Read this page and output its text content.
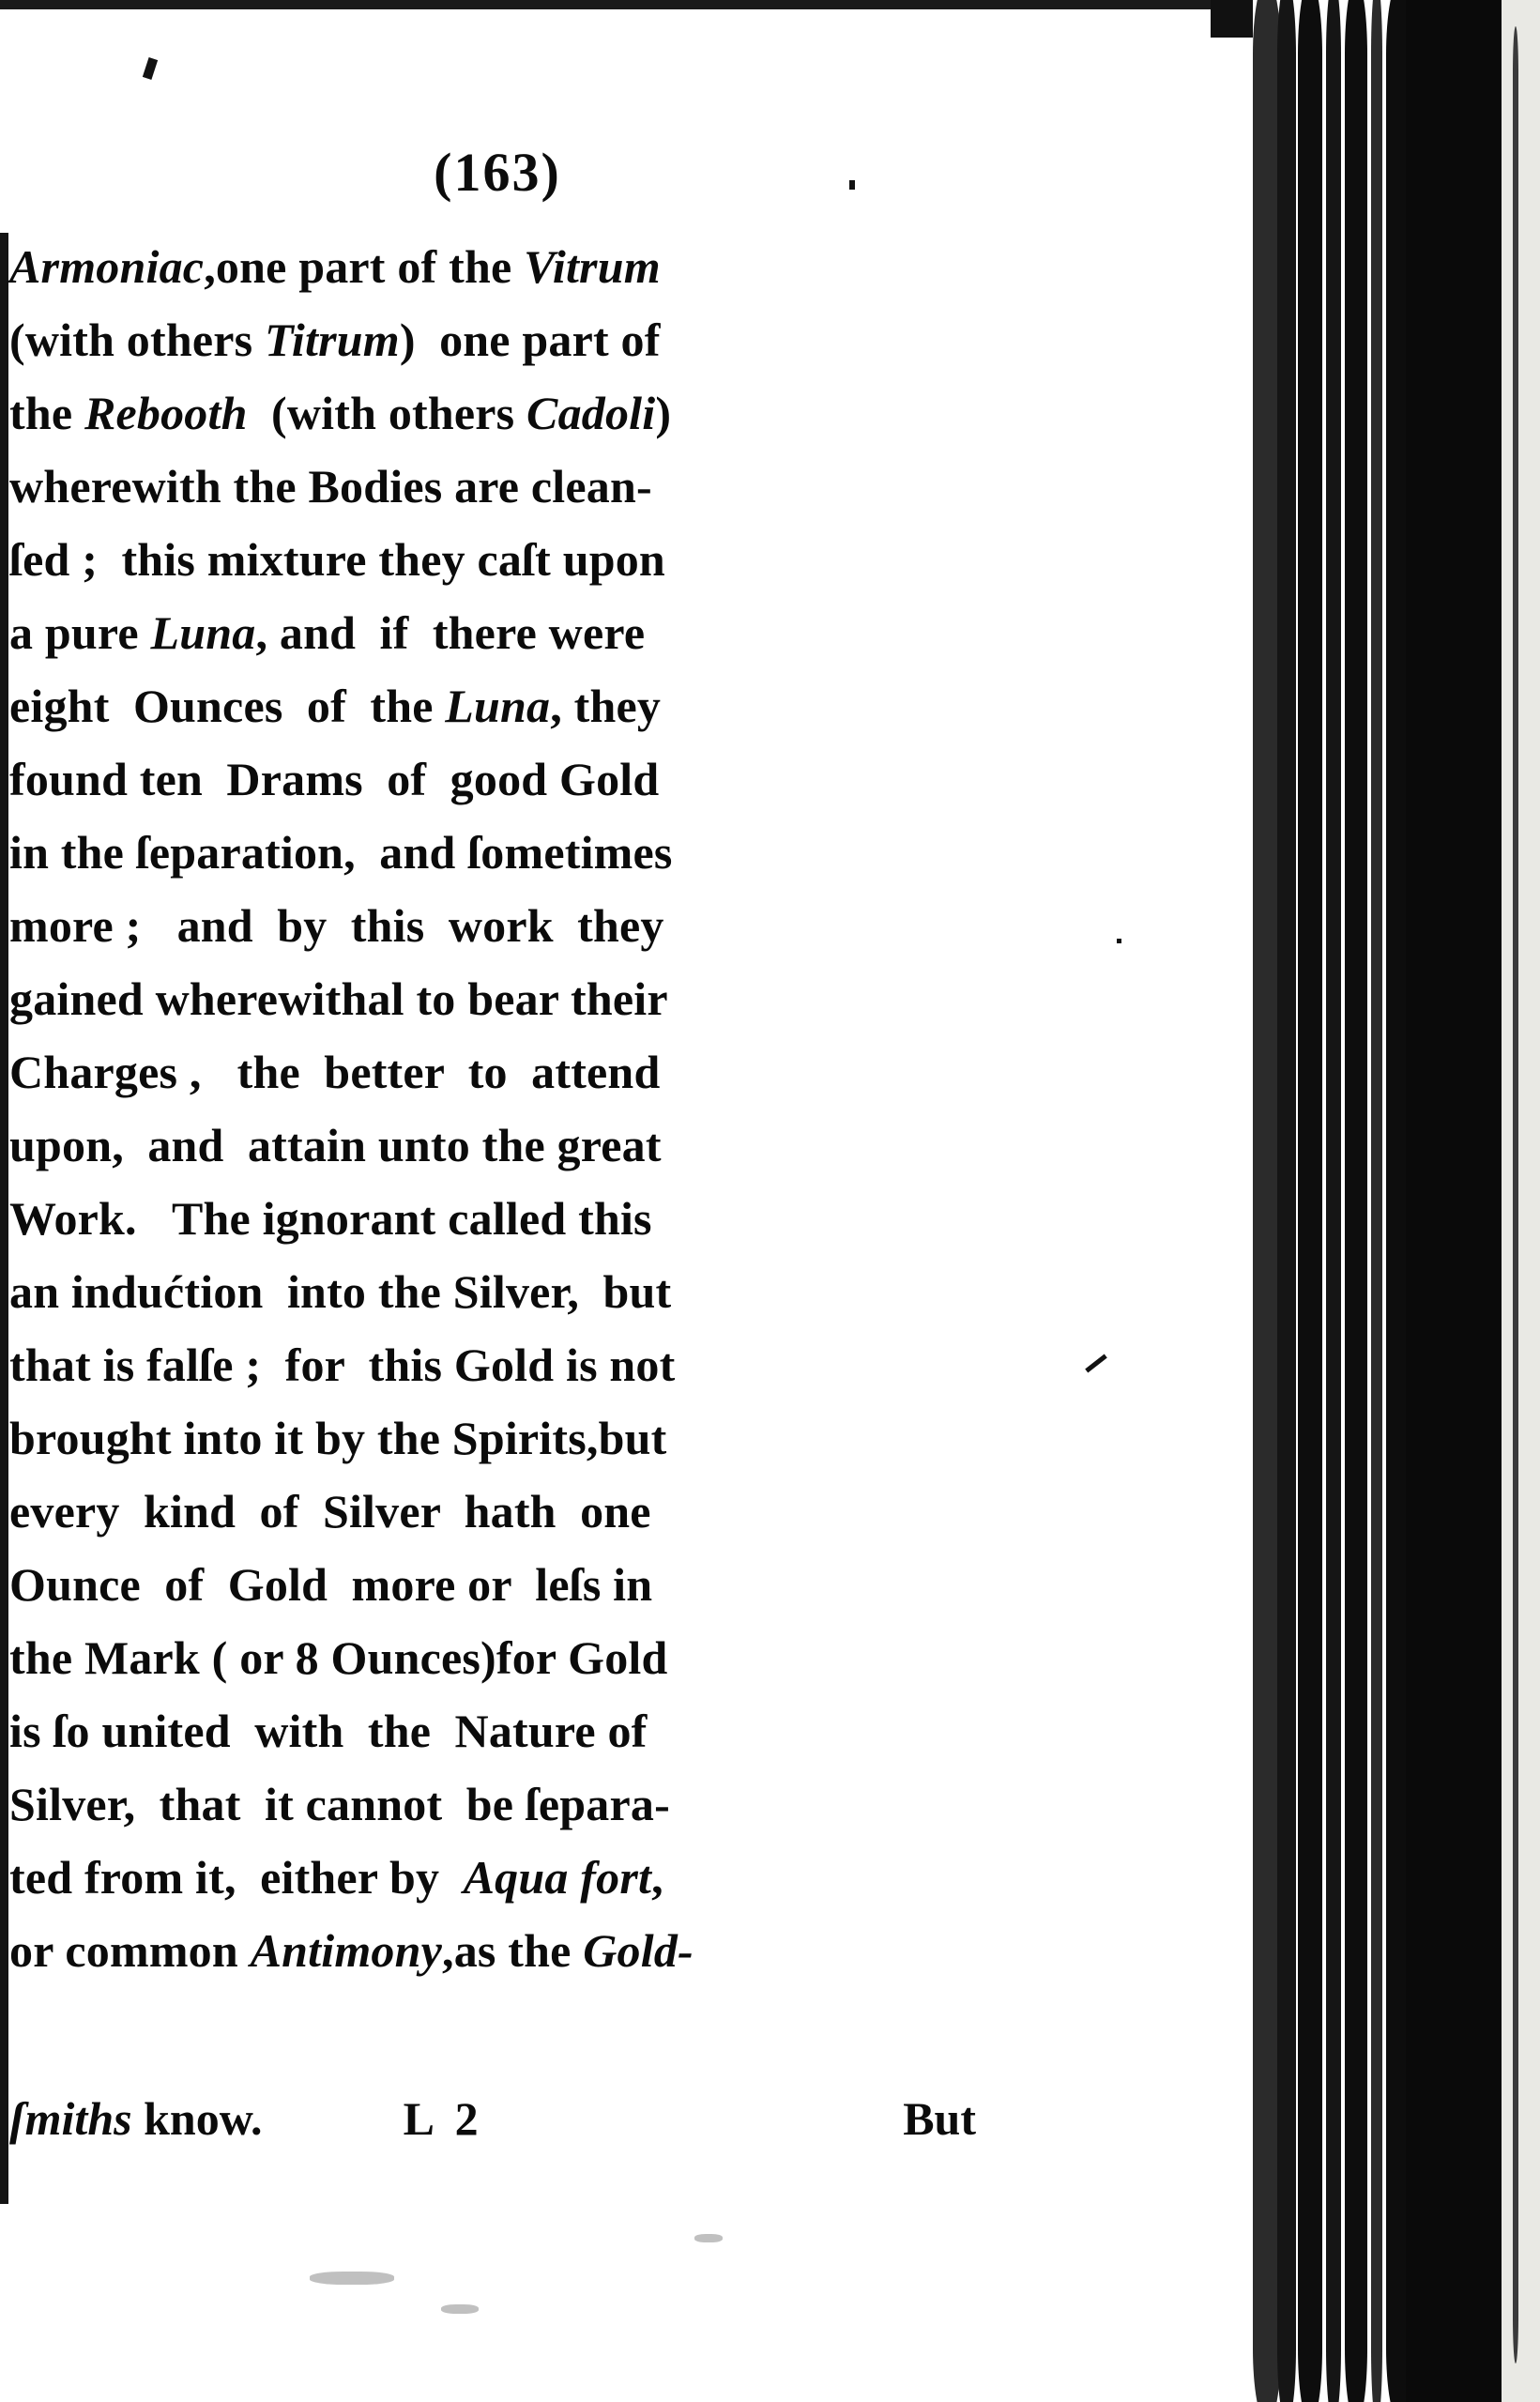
(163)
Armoniac,one part of the Vitrum
(with others Titrum)  one part of
the Rebooth  (with others Cadoli)
wherewith the Bodies are clean-
ſed ;  this mixture they caſt upon
a pure Luna, and  if  there were
eight  Ounces  of  the Luna, they
found ten  Drams  of  good Gold
in the ſeparation,  and ſometimes
more ;   and  by  this  work  they
gained wherewithal to bear their
Charges ,   the  better  to  attend
upon,  and  attain unto the great
Work.   The ignorant called this
an indućtion  into the Silver,  but
that is falſe ;  for  this Gold is not
brought into it by the Spirits,but
every  kind  of  Silver  hath  one
Ounce  of  Gold  more or  leſs in
the Mark ( or 8 Ounces)for Gold
is ſo united  with  the  Nature of
Silver,  that  it cannot  be ſepara-
ted from it,  either by  Aqua fort,
or common Antimony,as the Gold-
ſmiths know.	L 2	But
